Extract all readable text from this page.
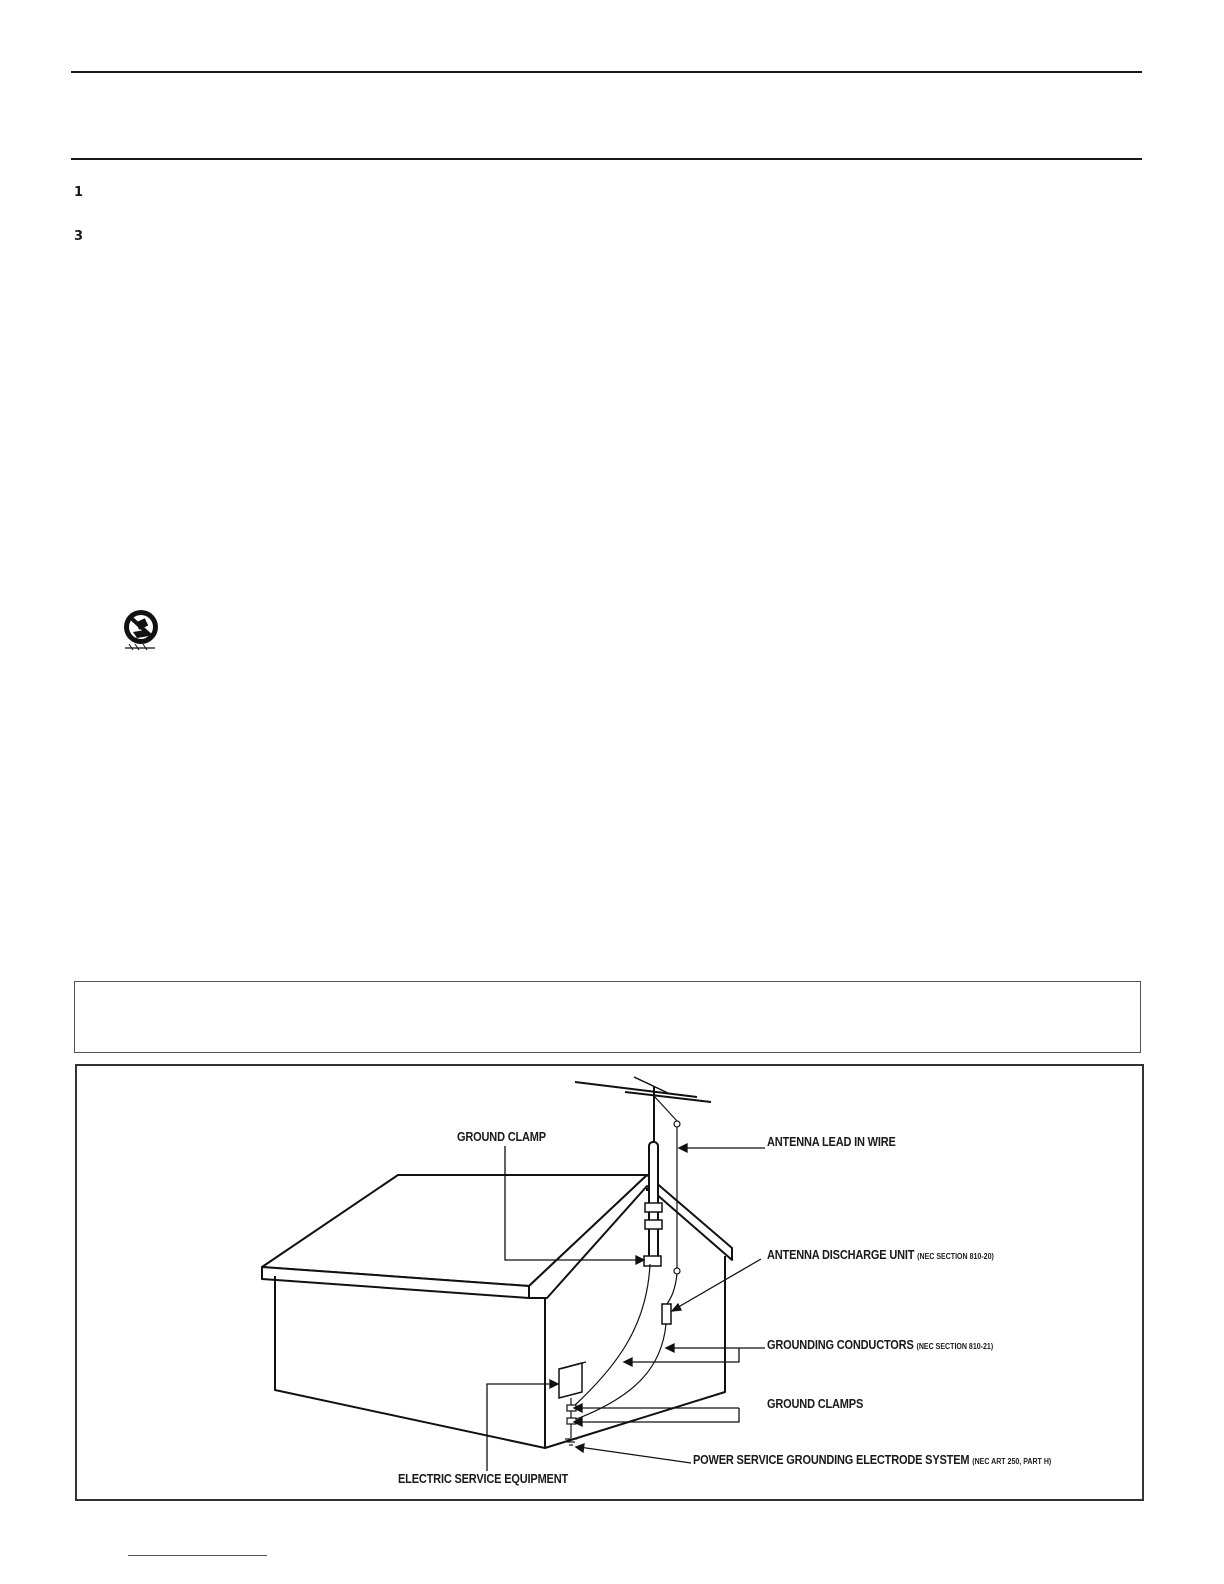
1
3
GROUND CLAMP	ANTENNA LEAD IN WIRE
ANTENNA DISCHARGE UNIT (NEC SECTION 810-20)
GROUNDING CONDUCTORS (NEC SECTION 810-21)
GROUND CLAMPS
ELECTRIC SERVICE EQUIPMENT
POWER SERVICE GROUNDING ELECTRODE SYSTEM (NEC ART 250, PART H)
